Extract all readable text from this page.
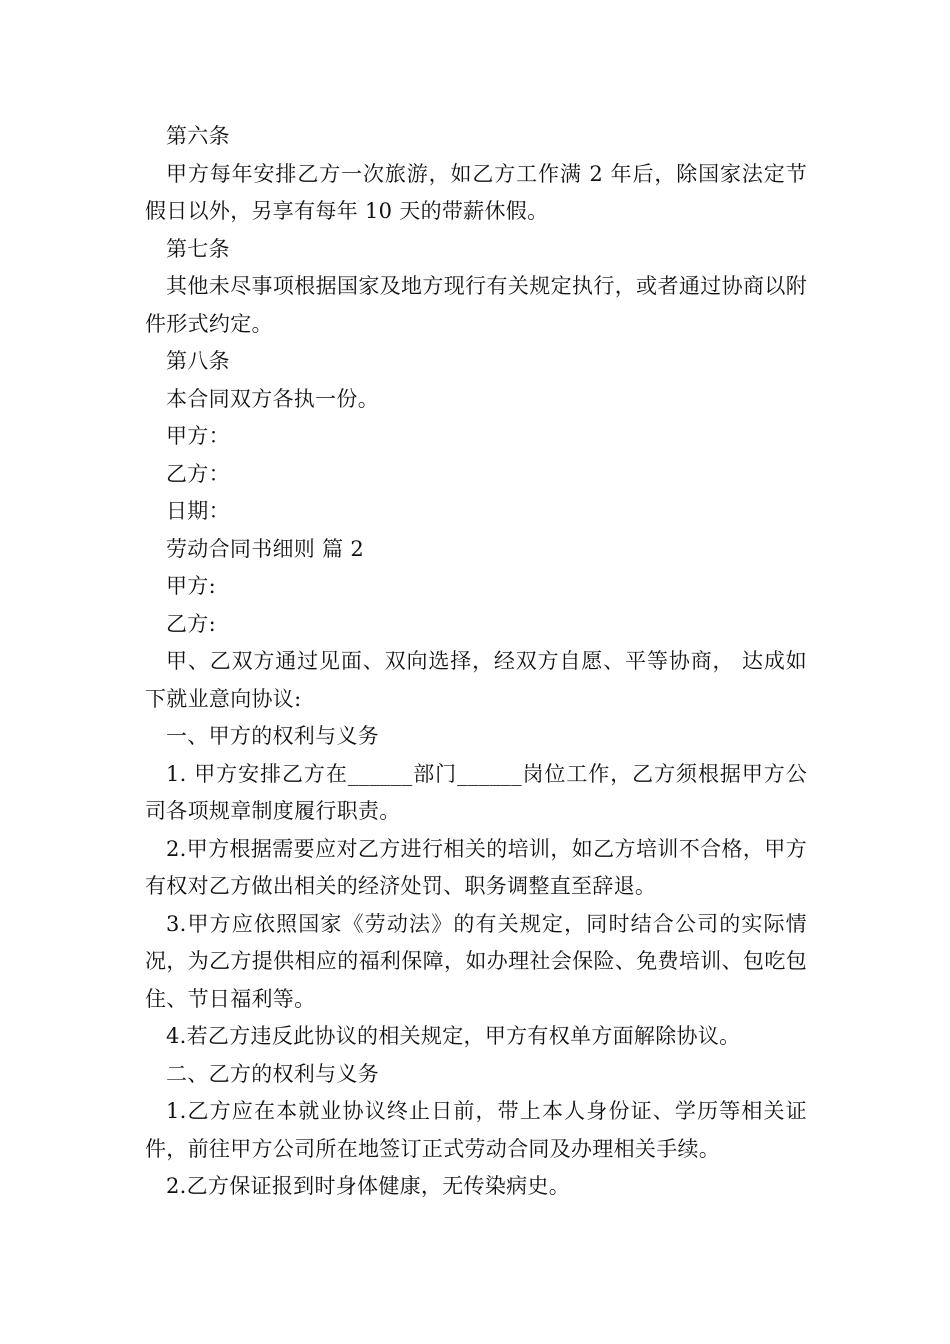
第六条

甲方每年安排乙方一次旅游，如乙方工作满 2 年后，除国家法定节假日以外，另享有每年 10 天的带薪休假。

第七条

其他未尽事项根据国家及地方现行有关规定执行，或者通过协商以附件形式约定。

第八条

本合同双方各执一份。

甲方：

乙方：

日期：

劳动合同书细则 篇 2

甲方:

乙方:

甲、乙双方通过见面、双向选择，经双方自愿、平等协商， 达成如下就业意向协议:

一、甲方的权利与义务

1. 甲方安排乙方在______部门______岗位工作，乙方须根据甲方公司各项规章制度履行职责。

2.甲方根据需要应对乙方进行相关的培训，如乙方培训不合格，甲方有权对乙方做出相关的经济处罚、职务调整直至辞退。

3.甲方应依照国家《劳动法》的有关规定，同时结合公司的实际情况，为乙方提供相应的福利保障，如办理社会保险、免费培训、包吃包住、节日福利等。

4.若乙方违反此协议的相关规定，甲方有权单方面解除协议。

二、乙方的权利与义务

1.乙方应在本就业协议终止日前，带上本人身份证、学历等相关证件，前往甲方公司所在地签订正式劳动合同及办理相关手续。

2.乙方保证报到时身体健康，无传染病史。
